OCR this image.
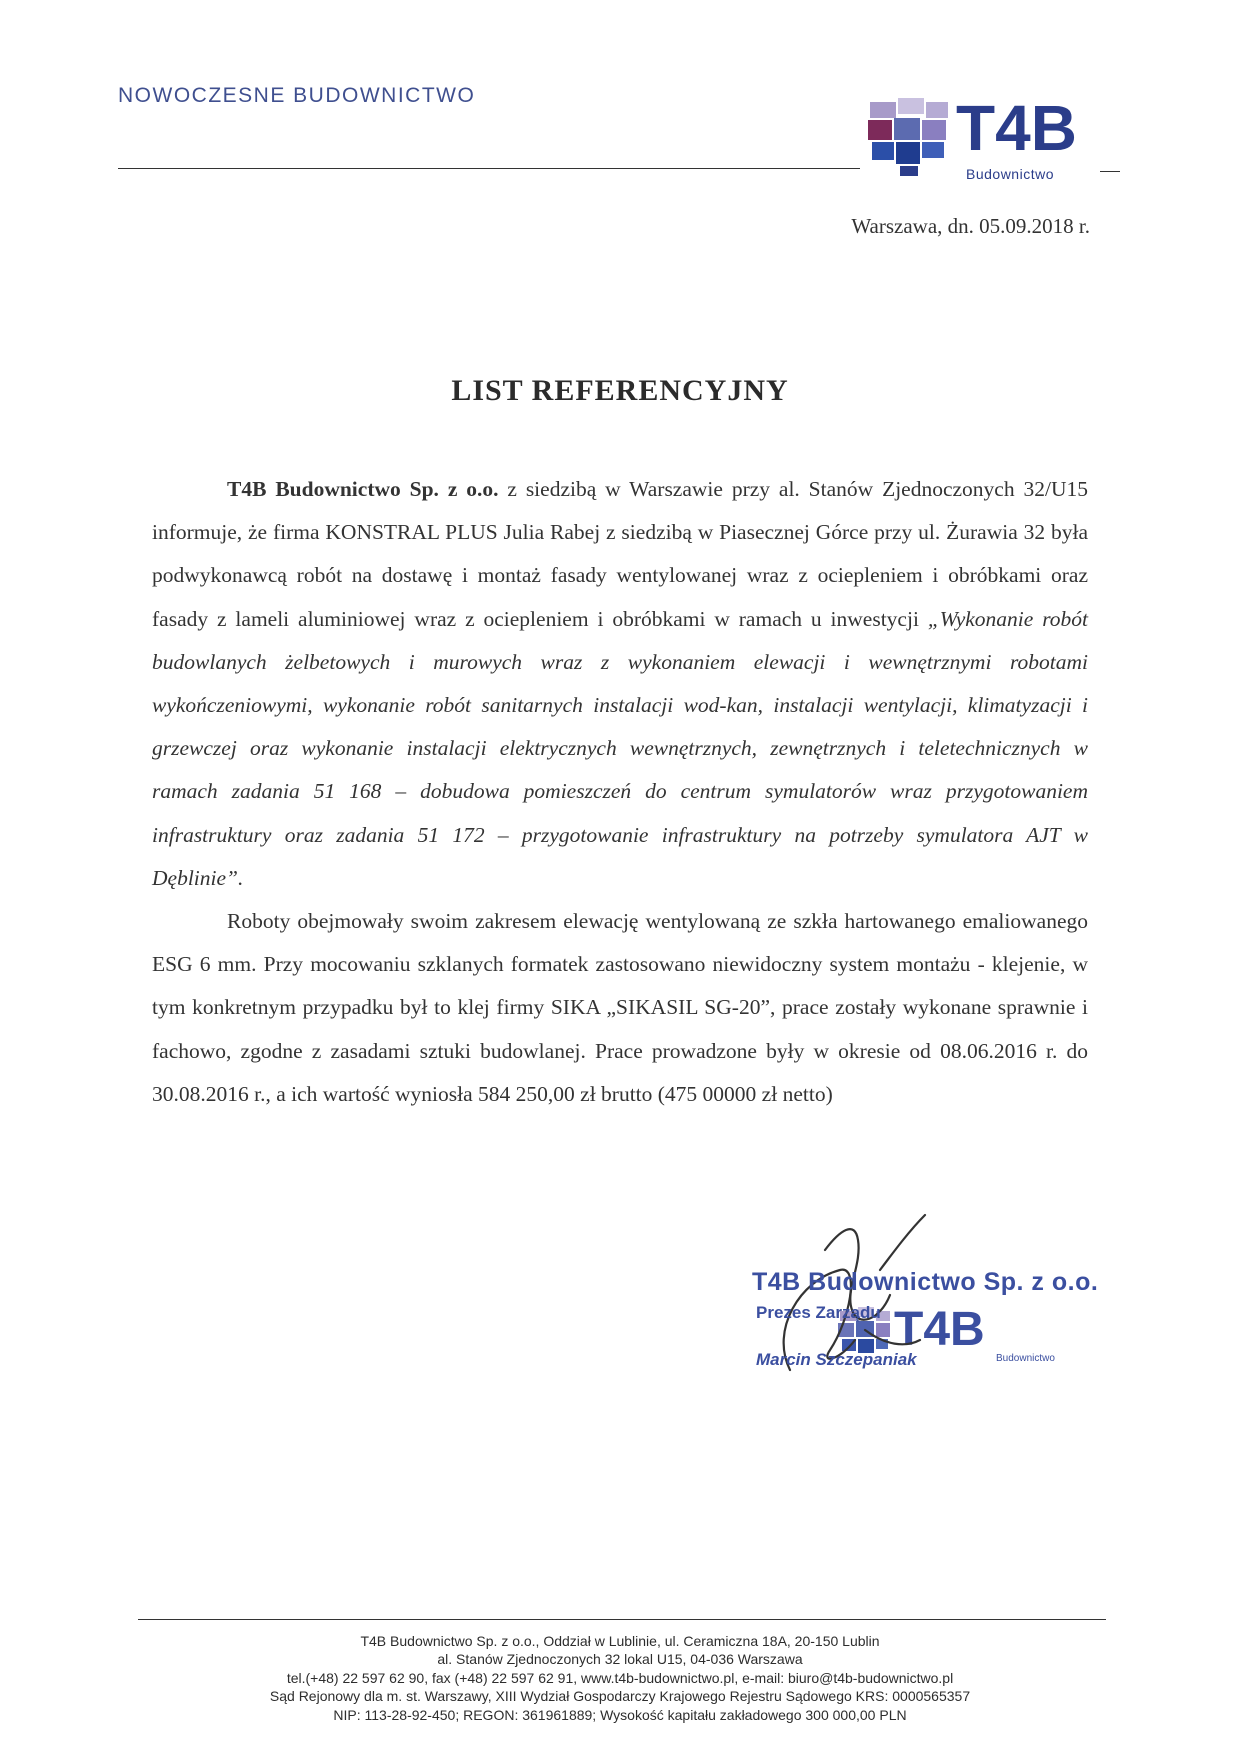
NOWOCZESNE BUDOWNICTWO	T4B
Budownictwo
Warszawa, dn. 05.09.2018 r.
LIST REFERENCYJNY

T4B Budownictwo Sp. z o.o. z siedzibą w Warszawie przy al. Stanów Zjednoczonych 32/U15 informuje, że firma KONSTRAL PLUS Julia Rabej z siedzibą w Piasecznej Górce przy ul. Żurawia 32 była podwykonawcą robót na dostawę i montaż fasady wentylowanej wraz z ociepleniem i obróbkami oraz fasady z lameli aluminiowej wraz z ociepleniem i obróbkami w ramach u inwestycji „Wykonanie robót budowlanych żelbetowych i murowych wraz z wykonaniem elewacji i wewnętrznymi robotami wykończeniowymi, wykonanie robót sanitarnych instalacji wod-kan, instalacji wentylacji, klimatyzacji i grzewczej oraz wykonanie instalacji elektrycznych wewnętrznych, zewnętrznych i teletechnicznych w ramach zadania 51 168 – dobudowa pomieszczeń do centrum symulatorów wraz przygotowaniem infrastruktury oraz zadania 51 172 – przygotowanie infrastruktury na potrzeby symulatora AJT w Dęblinie”.

Roboty obejmowały swoim zakresem elewację wentylowaną ze szkła hartowanego emaliowanego ESG 6 mm. Przy mocowaniu szklanych formatek zastosowano niewidoczny system montażu - klejenie, w tym konkretnym przypadku był to klej firmy SIKA „SIKASIL SG-20”, prace zostały wykonane sprawnie i fachowo, zgodne z zasadami sztuki budowlanej. Prace prowadzone były w okresie od 08.06.2016 r. do 30.08.2016 r., a ich wartość wyniosła 584 250,00 zł brutto (475 00000 zł netto)

T4B
T4B Budownictwo Sp. z o.o.
Prezes Zarządu
Marcin Szczepaniak	Budownictwo
T4B Budownictwo Sp. z o.o., Oddział w Lublinie, ul. Ceramiczna 18A, 20-150 Lublin
al. Stanów Zjednoczonych 32 lokal U15, 04-036 Warszawa
tel.(+48) 22 597 62 90, fax (+48) 22 597 62 91, www.t4b-budownictwo.pl, e-mail: biuro@t4b-budownictwo.pl
Sąd Rejonowy dla m. st. Warszawy, XIII Wydział Gospodarczy Krajowego Rejestru Sądowego KRS: 0000565357
NIP: 113-28-92-450; REGON: 361961889; Wysokość kapitału zakładowego 300 000,00 PLN
